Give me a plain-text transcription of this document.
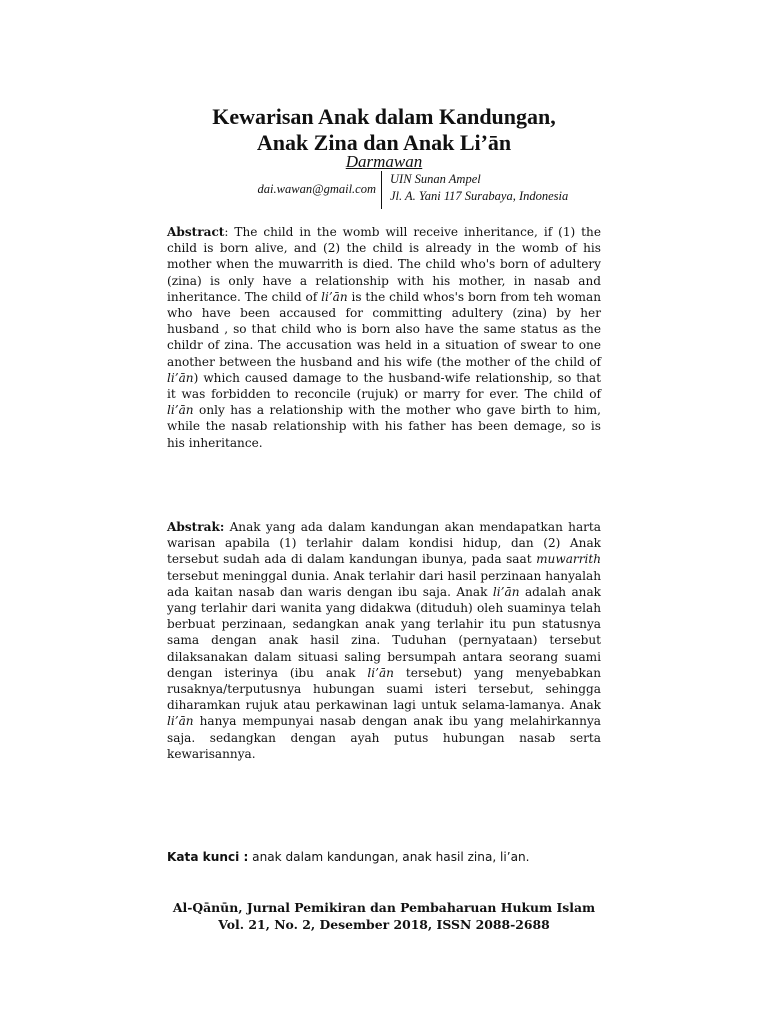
Kewarisan Anak dalam Kandungan,
Anak Zina dan Anak Li’ān
Darmawan
dai.wawan@gmail.com
UIN Sunan Ampel
Jl. A. Yani 117 Surabaya, Indonesia
Abstract: The child in the womb will receive inheritance, if (1) the child is born alive, and (2) the child is already in the womb of his mother when the muwarrith is died. The child who's born of adultery (zina) is only have a relationship with his mother, in nasab and inheritance. The child of li’ān is the child whos's born from teh woman who have been accaused for committing adultery (zina) by her husband , so that child who is born also have the same status as the childr of zina. The accusation was held in a situation of swear to one another between the husband and his wife (the mother of the child of li’ān) which caused damage to the husband-wife relationship, so that it was forbidden to reconcile (rujuk) or marry for ever. The child of li’ān only has a relationship with the mother who gave birth to him, while the nasab relationship with his father has been demage, so is his inheritance.
Abstrak: Anak yang ada dalam kandungan akan mendapatkan harta warisan apabila (1) terlahir dalam kondisi hidup, dan (2) Anak tersebut sudah ada di dalam kandungan ibunya, pada saat muwarrith tersebut meninggal dunia. Anak terlahir dari hasil perzinaan hanyalah ada kaitan nasab dan waris dengan ibu saja. Anak li’ān adalah anak yang terlahir dari wanita yang didakwa (dituduh) oleh suaminya telah berbuat perzinaan, sedangkan anak yang terlahir itu pun statusnya sama dengan anak hasil zina. Tuduhan (pernyataan) tersebut dilaksanakan dalam situasi saling bersumpah antara seorang suami dengan isterinya (ibu anak li’ān tersebut) yang menyebabkan rusaknya/terputusnya hubungan suami isteri tersebut, sehingga diharamkan rujuk atau perkawinan lagi untuk selama-lamanya. Anak li’ān hanya mempunyai nasab dengan anak ibu yang melahirkannya saja. sedangkan dengan ayah putus hubungan nasab serta kewarisannya.
Kata kunci : anak dalam kandungan, anak hasil zina, li’an.
Al-Qānūn, Jurnal Pemikiran dan Pembaharuan Hukum Islam
Vol. 21, No. 2, Desember 2018, ISSN 2088-2688
